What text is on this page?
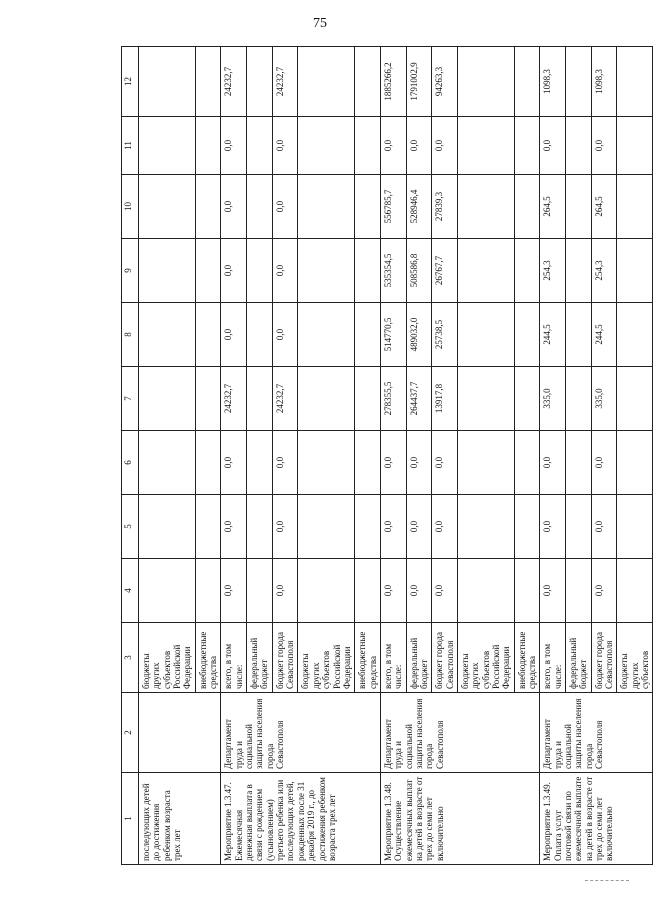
75
1	2	3	4	5	6	7	8	9	10	11	12
последующих детей до достижения ребенком возраста трех лет		бюджеты других субъектов Российской Федерации									
		внебюджетные средства									
Мероприятие 1.3.47. Ежемесячная денежная выплата в связи с рождением (усыновлением) третьего ребенка или последующих детей, рожденных после 31 декабря 2019 г., до достижения ребенком возраста трех лет	Департамент труда и социальной защиты населения города Севастополя	всего, в том числе:	0,0	0,0	0,0	24232,7	0,0	0,0	0,0	0,0	24232,7
		федеральный бюджет									
		бюджет города Севастополя	0,0	0,0	0,0	24232,7	0,0	0,0	0,0	0,0	24232,7
		бюджеты других субъектов Российской Федерации									
		внебюджетные средства									
Мероприятие 1.3.48. Осуществление ежемесячных выплат на детей в возрасте от трех до семи лет включительно	Департамент труда и социальной защиты населения города Севастополя	всего, в том числе:	0,0	0,0	0,0	278355,5	514770,5	535354,5	556785,7	0,0	1885266,2
		федеральный бюджет	0,0	0,0	0,0	264437,7	489032,0	508586,8	528946,4	0,0	1791002,9
		бюджет города Севастополя	0,0	0,0	0,0	13917,8	25738,5	26767,7	27839,3	0,0	94263,3
		бюджеты других субъектов Российской Федерации									
		внебюджетные средства									
Мероприятие 1.3.49. Оплата услуг почтовой связи по ежемесячной выплате на детей в возрасте от трех до семи лет включительно	Департамент труда и социальной защиты населения города Севастополя	всего, в том числе:	0,0	0,0	0,0	335,0	244,5	254,3	264,5	0,0	1098,3
		федеральный бюджет									
		бюджет города Севастополя	0,0	0,0	0,0	335,0	244,5	254,3	264,5	0,0	1098,3
		бюджеты других субъектов									
